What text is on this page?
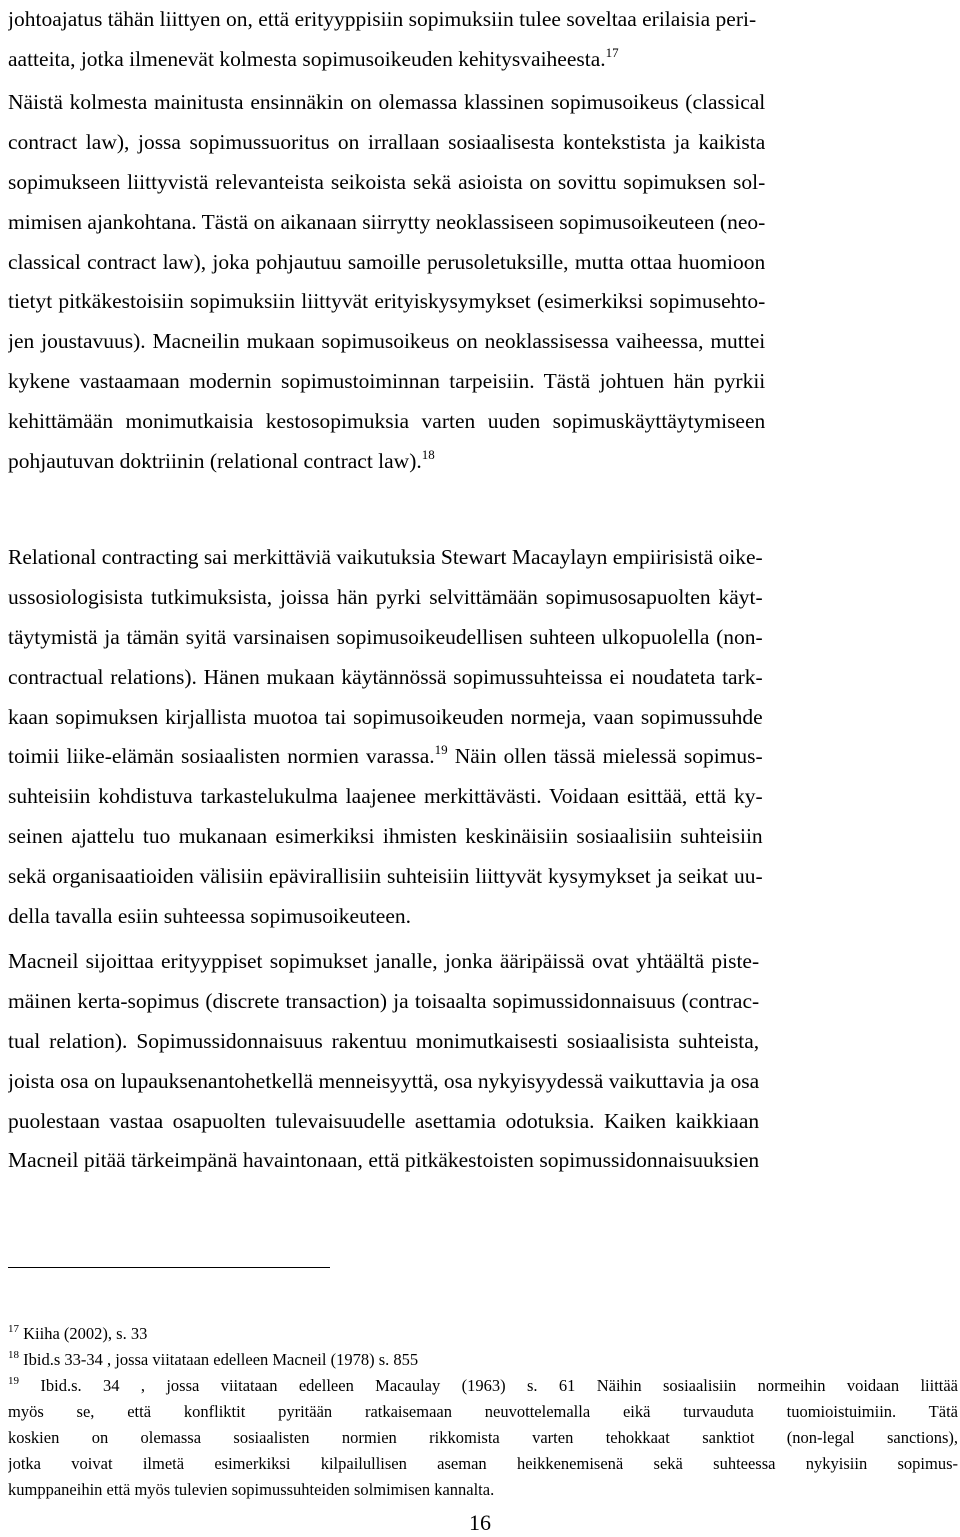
johtoajatus tähän liittyen on, että erityyppisiin sopimuksiin tulee soveltaa erilaisia peri-
aatteita, jotka ilmenevät kolmesta sopimusoikeuden kehitysvaiheesta.$^{17}$
Näistä kolmesta mainitusta ensinnäkin on olemassa klassinen sopimusoikeus (classical
contract law), jossa sopimussuoritus on irrallaan sosiaalisesta kontekstista ja kaikista
sopimukseen liittyvistä relevanteista seikoista sekä asioista on sovittu sopimuksen sol-
mimisen ajankohtana. Tästä on aikanaan siirrytty neoklassiseen sopimusoikeuteen (neo-
classical contract law), joka pohjautuu samoille perusoletuksille, mutta ottaa huomioon
tietyt pitkäkestoisiin sopimuksiin liittyvät erityiskysymykset (esimerkiksi sopimusehto-
jen joustavuus). Macneilin mukaan sopimusoikeus on neoklassisessa vaiheessa, muttei
kykene vastaamaan modernin sopimustoiminnan tarpeisiin. Tästä johtuen hän pyrkii
kehittämään monimutkaisia kestosopimuksia varten uuden sopimuskäyttäytymiseen
pohjautuvan doktriinin (relational contract law).$^{18}$
Relational contracting sai merkittäviä vaikutuksia Stewart Macaylayn empiirisistä oike-
ussosiologisista tutkimuksista, joissa hän pyrki selvittämään sopimusosapuolten käyt-
täytymistä ja tämän syitä varsinaisen sopimusoikeudellisen suhteen ulkopuolella (non-
contractual relations). Hänen mukaan käytännössä sopimussuhteissa ei noudateta tark-
kaan sopimuksen kirjallista muotoa tai sopimusoikeuden normeja, vaan sopimussuhde
toimii liike-elämän sosiaalisten normien varassa.$^{19}$ Näin ollen tässä mielessä sopimus-
suhteisiin kohdistuva tarkastelukulma laajenee merkittävästi. Voidaan esittää, että ky-
seinen ajattelu tuo mukanaan esimerkiksi ihmisten keskinäisiin sosiaalisiin suhteisiin
sekä organisaatioiden välisiin epävirallisiin suhteisiin liittyvät kysymykset ja seikat uu-
della tavalla esiin suhteessa sopimusoikeuteen.
Macneil sijoittaa erityyppiset sopimukset janalle, jonka ääripäissä ovat yhtäältä piste-
mäinen kerta-sopimus (discrete transaction) ja toisaalta sopimussidonnaisuus (contrac-
tual relation). Sopimussidonnaisuus rakentuu monimutkaisesti sosiaalisista suhteista,
joista osa on lupauksenantohetkellä menneisyyttä, osa nykyisyydessä vaikuttavia ja osa
puolestaan vastaa osapuolten tulevaisuudelle asettamia odotuksia. Kaiken kaikkiaan
Macneil pitää tärkeimpänä havaintonaan, että pitkäkestoisten sopimussidonnaisuuksien
$^{17}$ Kiiha (2002), s. 33
$^{18}$ Ibid.s 33-34 , jossa viitataan edelleen Macneil (1978) s. 855
$^{19}$ Ibid.s. 34 , jossa viitataan edelleen Macaulay (1963) s. 61 Näihin sosiaalisiin normeihin voidaan liittää
myös se, että konfliktit pyritään ratkaisemaan neuvottelemalla eikä turvauduta tuomioistuimiin. Tätä
koskien on olemassa sosiaalisten normien rikkomista varten tehokkaat sanktiot (non-legal sanctions),
jotka voivat ilmetä esimerkiksi kilpailullisen aseman heikkenemisenä sekä suhteessa nykyisiin sopimus-
kumppaneihin että myös tulevien sopimussuhteiden solmimisen kannalta.
16
